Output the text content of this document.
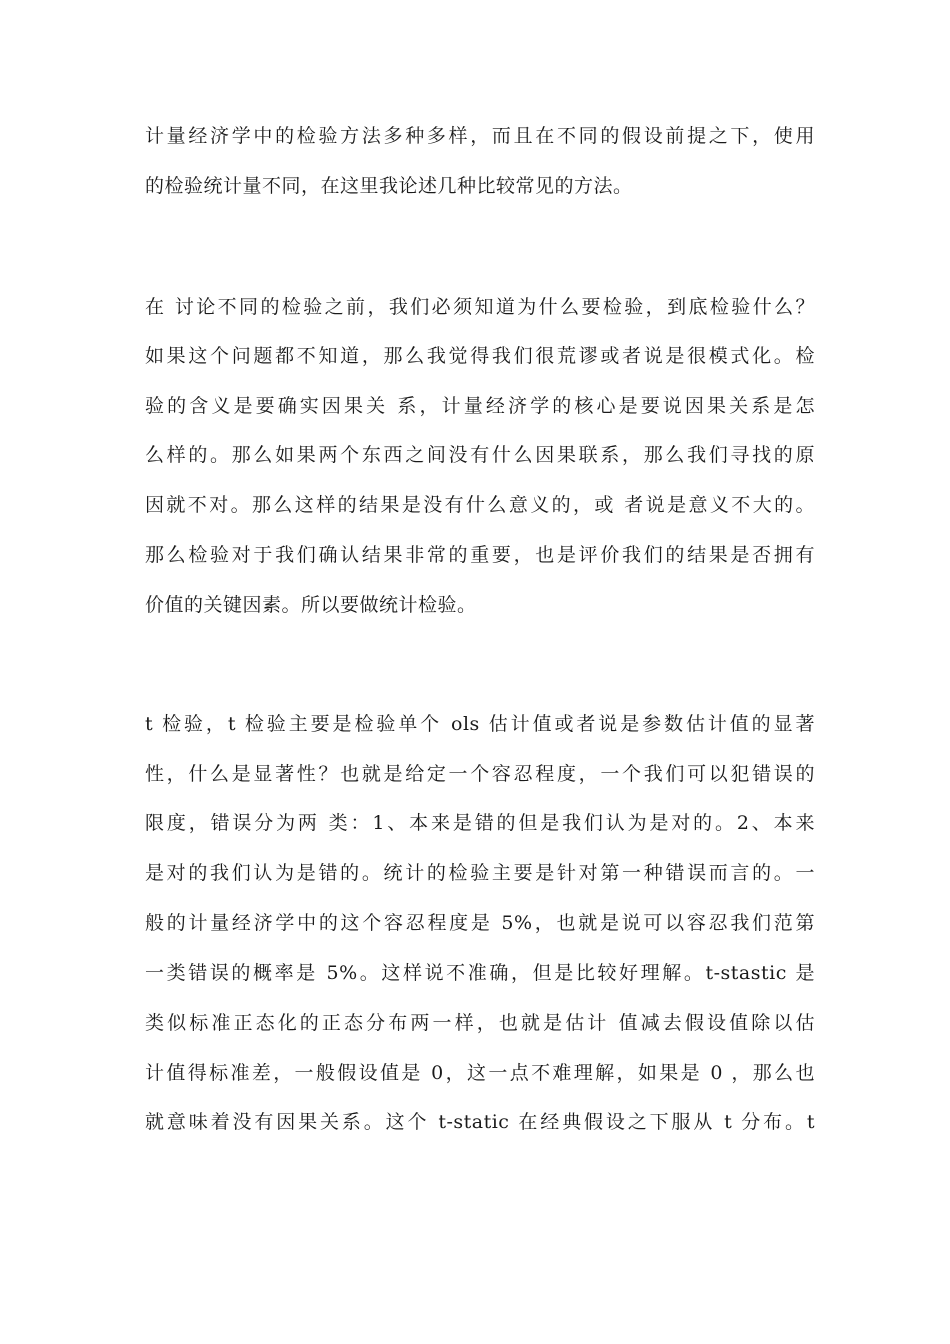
计量经济学中的检验方法多种多样，而且在不同的假设前提之下，使用

的检验统计量不同，在这里我论述几种比较常见的方法。

在 讨论不同的检验之前，我们必须知道为什么要检验，到底检验什么？

如果这个问题都不知道，那么我觉得我们很荒谬或者说是很模式化。检

验的含义是要确实因果关 系，计量经济学的核心是要说因果关系是怎

么样的。那么如果两个东西之间没有什么因果联系，那么我们寻找的原

因就不对。那么这样的结果是没有什么意义的，或 者说是意义不大的。

那么检验对于我们确认结果非常的重要，也是评价我们的结果是否拥有

价值的关键因素。所以要做统计检验。

t 检验，t 检验主要是检验单个 ols 估计值或者说是参数估计值的显著

性，什么是显著性？也就是给定一个容忍程度，一个我们可以犯错误的

限度，错误分为两 类：1、本来是错的但是我们认为是对的。2、本来

是对的我们认为是错的。统计的检验主要是针对第一种错误而言的。一

般的计量经济学中的这个容忍程度是 5%，也就是说可以容忍我们范第

一类错误的概率是 5%。这样说不准确，但是比较好理解。t-stastic 是

类似标准正态化的正态分布两一样，也就是估计 值减去假设值除以估

计值得标准差，一般假设值是 0，这一点不难理解，如果是 0 ，那么也

就意味着没有因果关系。这个 t-static 在经典假设之下服从 t 分布。t
